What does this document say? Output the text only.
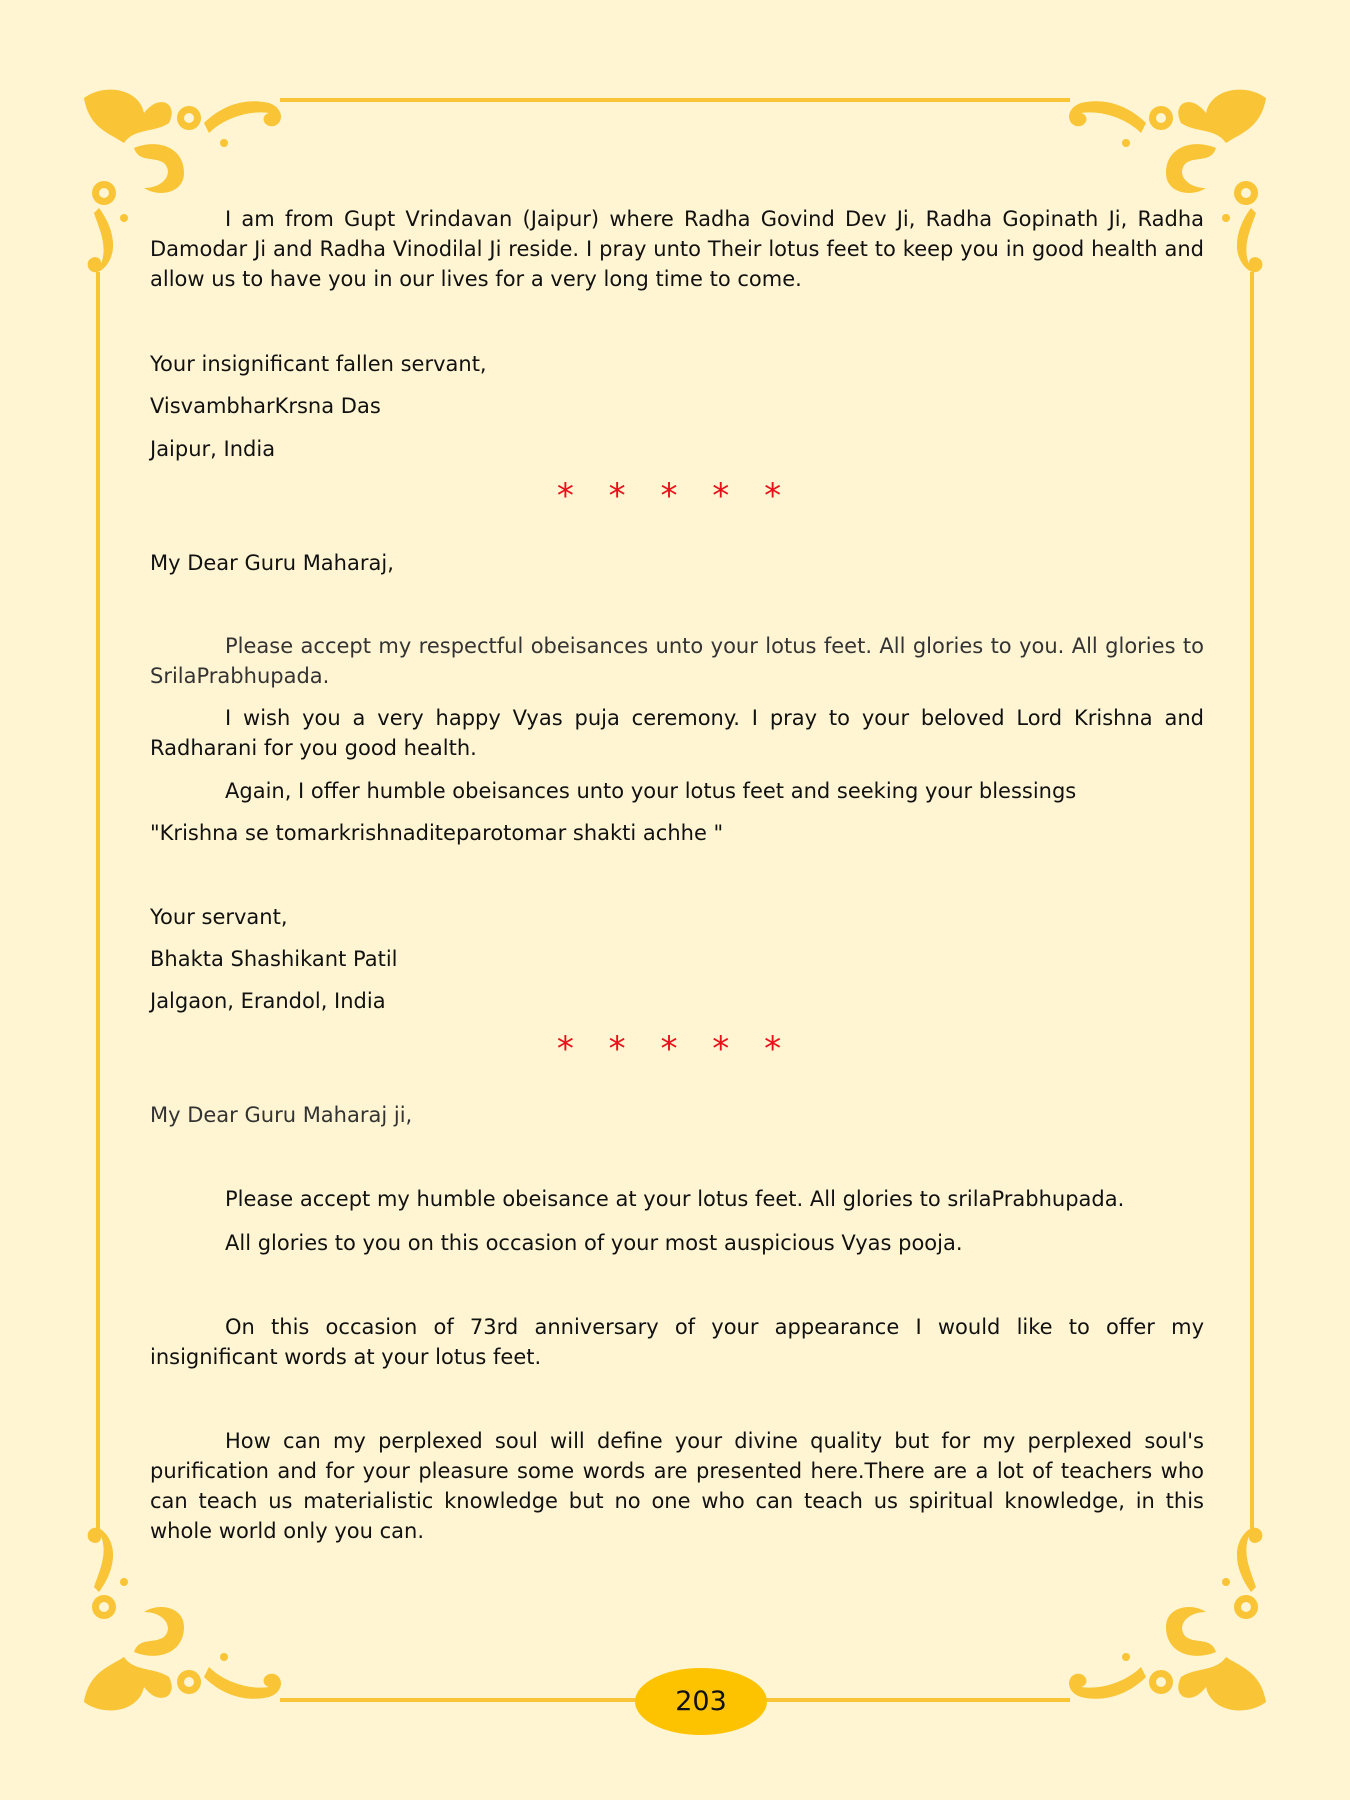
I am from Gupt Vrindavan (Jaipur) where Radha Govind Dev Ji, Radha Gopinath Ji, Radha Damodar Ji and Radha Vinodilal Ji reside. I pray unto Their lotus feet to keep you in good health and allow us to have you in our lives for a very long time to come.

Your insignificant fallen servant,

VisvambharKrsna Das

Jaipur, India

* * * * *

My Dear Guru Maharaj,

Please accept my respectful obeisances unto your lotus feet. All glories to you. All glories to SrilaPrabhupada.

I wish you a very happy Vyas puja ceremony. I pray to your beloved Lord Krishna and Radharani for you good health.

Again, I offer humble obeisances unto your lotus feet and seeking your blessings

"Krishna se tomarkrishnaditeparotomar shakti achhe "

Your servant,

Bhakta Shashikant Patil

Jalgaon, Erandol, India

* * * * *

My Dear Guru Maharaj ji,

Please accept my humble obeisance at your lotus feet. All glories to srilaPrabhupada.

All glories to you on this occasion of your most auspicious Vyas pooja.

On this occasion of 73rd anniversary of your appearance I would like to offer my insignificant words at your lotus feet.

How can my perplexed soul will define your divine quality but for my perplexed soul's purification and for your pleasure some words are presented here.There are a lot of teachers who can teach us materialistic knowledge but no one who can teach us spiritual knowledge, in this whole world only you can.

203
